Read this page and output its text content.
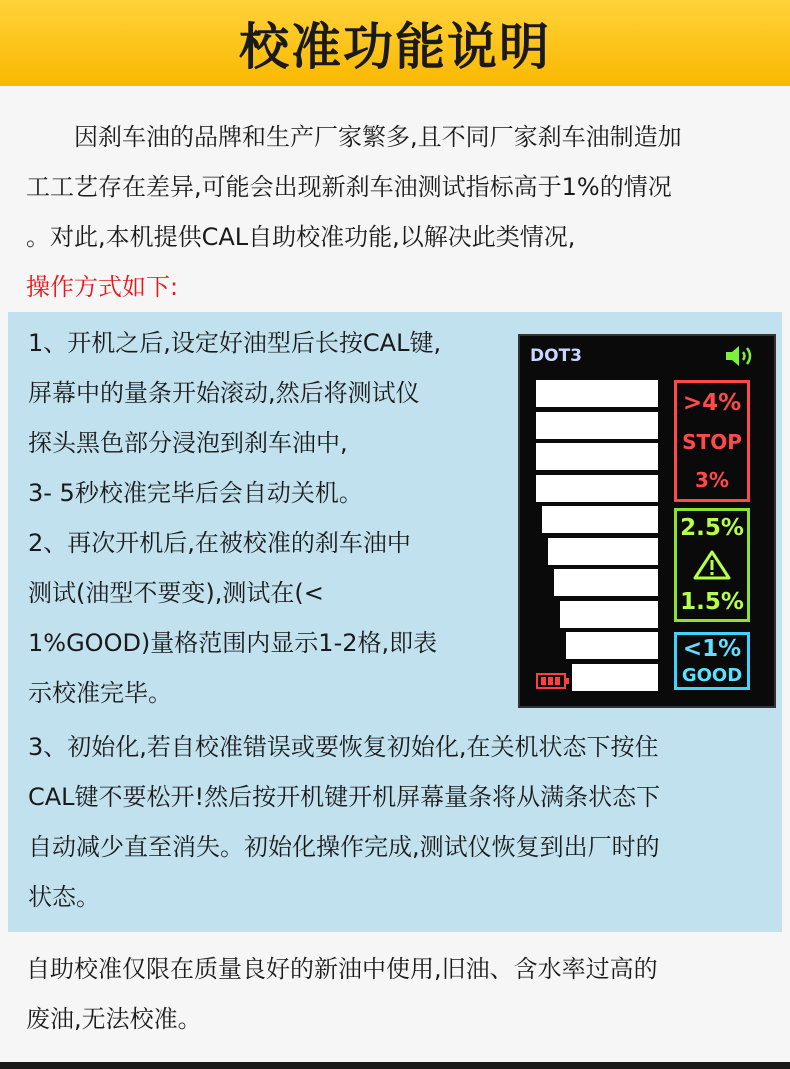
校准功能说明
因刹车油的品牌和生产厂家繁多,且不同厂家刹车油制造加
工工艺存在差异,可能会出现新刹车油测试指标高于1%的情况
。对此,本机提供CAL自助校准功能,以解决此类情况,
操作方式如下:
1、开机之后,设定好油型后长按CAL键,
屏幕中的量条开始滚动,然后将测试仪
探头黑色部分浸泡到刹车油中,
3- 5秒校准完毕后会自动关机。
2、再次开机后,在被校准的刹车油中
测试(油型不要变),测试在(<
1%GOOD)量格范围内显示1-2格,即表
示校准完毕。
3、初始化,若自校准错误或要恢复初始化,在关机状态下按住
CAL键不要松开!然后按开机键开机屏幕量条将从满条状态下
自动减少直至消失。初始化操作完成,测试仪恢复到出厂时的
状态。
DOT3
>4%
STOP
3%
2.5%
1.5%
<1%
GOOD
自助校准仅限在质量良好的新油中使用,旧油、含水率过高的
废油,无法校准。
